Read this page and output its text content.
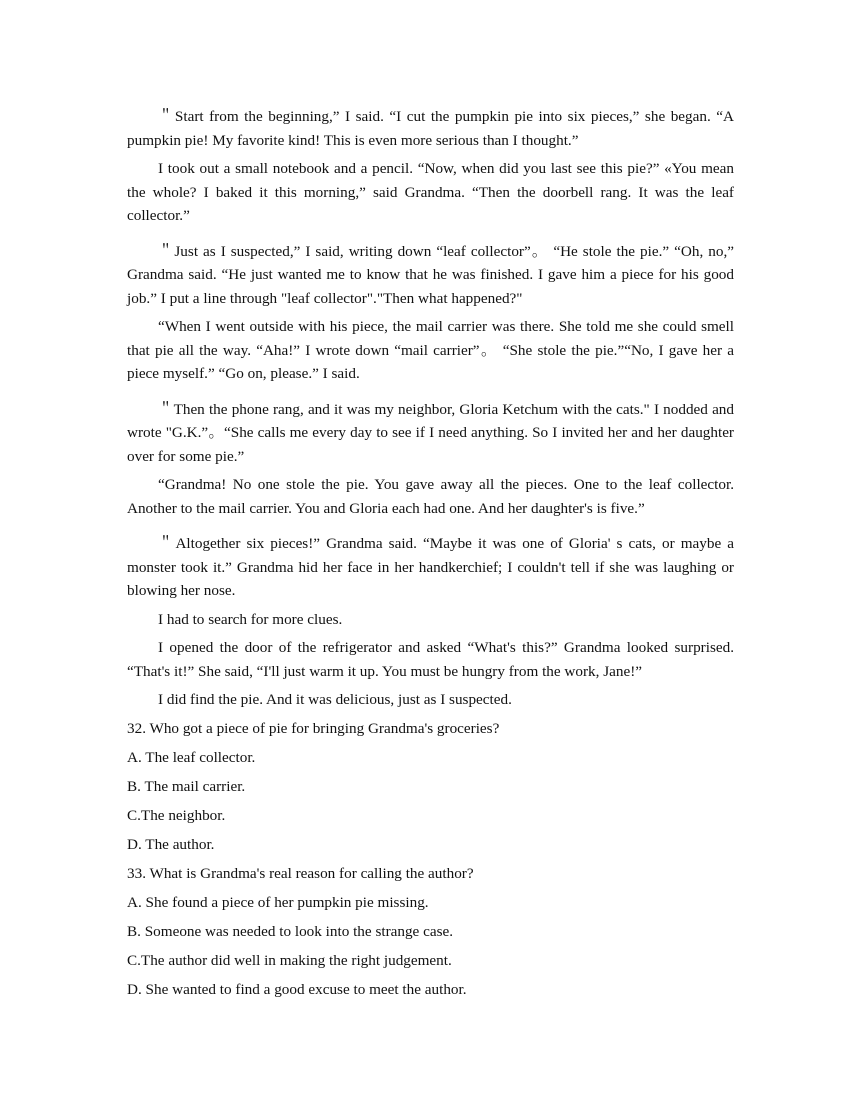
＂Start from the beginning,” I said. “I cut the pumpkin pie into six pieces,” she began. “A pumpkin pie! My favorite kind! This is even more serious than I thought.”

I took out a small notebook and a pencil. “Now, when did you last see this pie?” «You mean the whole? I baked it this morning,” said Grandma. “Then the doorbell rang. It was the leaf collector.”

＂Just as I suspected,” I said, writing down “leaf collector”。 “He stole the pie.” “Oh, no,” Grandma said. “He just wanted me to know that he was finished. I gave him a piece for his good job.” I put a line through "leaf collector"."Then what happened?"

“When I went outside with his piece, the mail carrier was there. She told me she could smell that pie all the way. “Aha!” I wrote down “mail carrier”。 “She stole the pie.”“No, I gave her a piece myself.” “Go on, please.” I said.

＂Then the phone rang, and it was my neighbor, Gloria Ketchum with the cats." I nodded and wrote "G.K.”。“She calls me every day to see if I need anything. So I invited her and her daughter over for some pie.”

“Grandma! No one stole the pie. You gave away all the pieces. One to the leaf collector. Another to the mail carrier. You and Gloria each had one. And her daughter's is five.”

＂Altogether six pieces!” Grandma said. “Maybe it was one of Gloria' s cats, or maybe a monster took it.” Grandma hid her face in her handkerchief; I couldn't tell if she was laughing or blowing her nose.

I had to search for more clues.

I opened the door of the refrigerator and asked “What's this?” Grandma looked surprised. “That's it!” She said, “I'll just warm it up. You must be hungry from the work, Jane!”

I did find the pie. And it was delicious, just as I suspected.

32. Who got a piece of pie for bringing Grandma's groceries?

A. The leaf collector.

B. The mail carrier.

C.The neighbor.

D. The author.

33. What is Grandma's real reason for calling the author?

A. She found a piece of her pumpkin pie missing.

B. Someone was needed to look into the strange case.

C.The author did well in making the right judgement.

D. She wanted to find a good excuse to meet the author.
